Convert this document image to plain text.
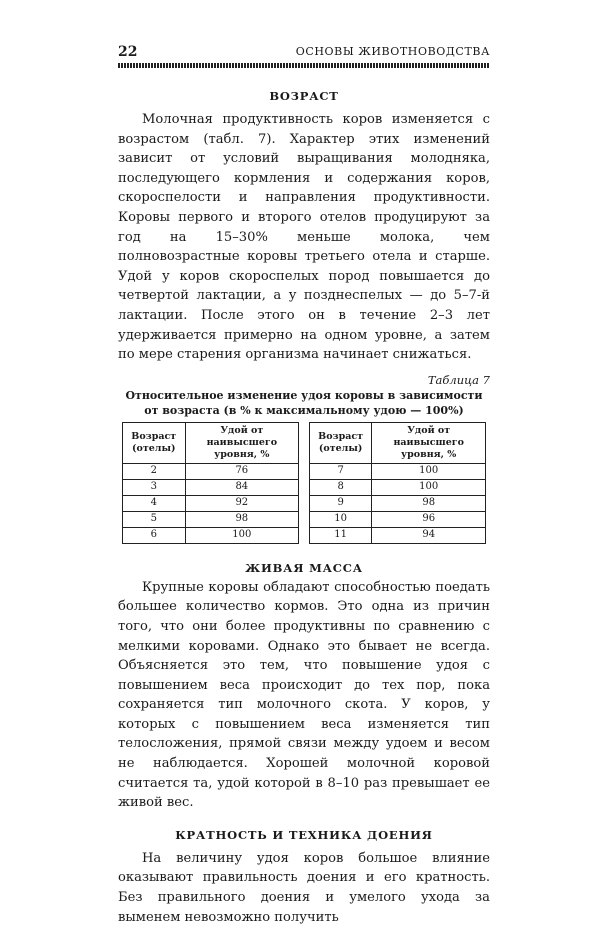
22	ОСНОВЫ ЖИВОТНОВОДСТВА
ВОЗРАСТ

Молочная продуктивность коров изменяется с возрастом (табл. 7). Характер этих изменений зависит от условий выращивания молодняка, последующего кормления и содержания коров, скороспелости и направления продуктивности. Коровы первого и второго отелов продуцируют за год на 15–30% меньше молока, чем полновозрастные коровы третьего отела и старше. Удой у коров скороспелых пород повышается до четвертой лактации, а у позднеспелых — до 5–7-й лактации. После этого он в течение 2–3 лет удерживается примерно на одном уровне, а затем по мере старения организма начинает снижаться.

Таблица 7
Относительное изменение удоя коровы в зависимости
от возраста (в % к максимальному удою — 100%)
Возраст (отелы)	Удой от наивысшего уровня, %		Возраст (отелы)	Удой от наивысшего уровня, %
2	76		7	100
3	84		8	100
4	92		9	98
5	98		10	96
6	100		11	94
ЖИВАЯ МАССА

Крупные коровы обладают способностью поедать большее количество кормов. Это одна из причин того, что они более продуктивны по сравнению с мелкими коровами. Однако это бывает не всегда. Объясняется это тем, что повышение удоя с повышением веса происходит до тех пор, пока сохраняется тип молочного скота. У коров, у которых с повышением веса изменяется тип телосложения, прямой связи между удоем и весом не наблюдается. Хорошей молочной коровой считается та, удой которой в 8–10 раз превышает ее живой вес.

КРАТНОСТЬ И ТЕХНИКА ДОЕНИЯ

На величину удоя коров большое влияние оказывают правильность доения и его кратность. Без правильного доения и умелого ухода за выменем невозможно получить
